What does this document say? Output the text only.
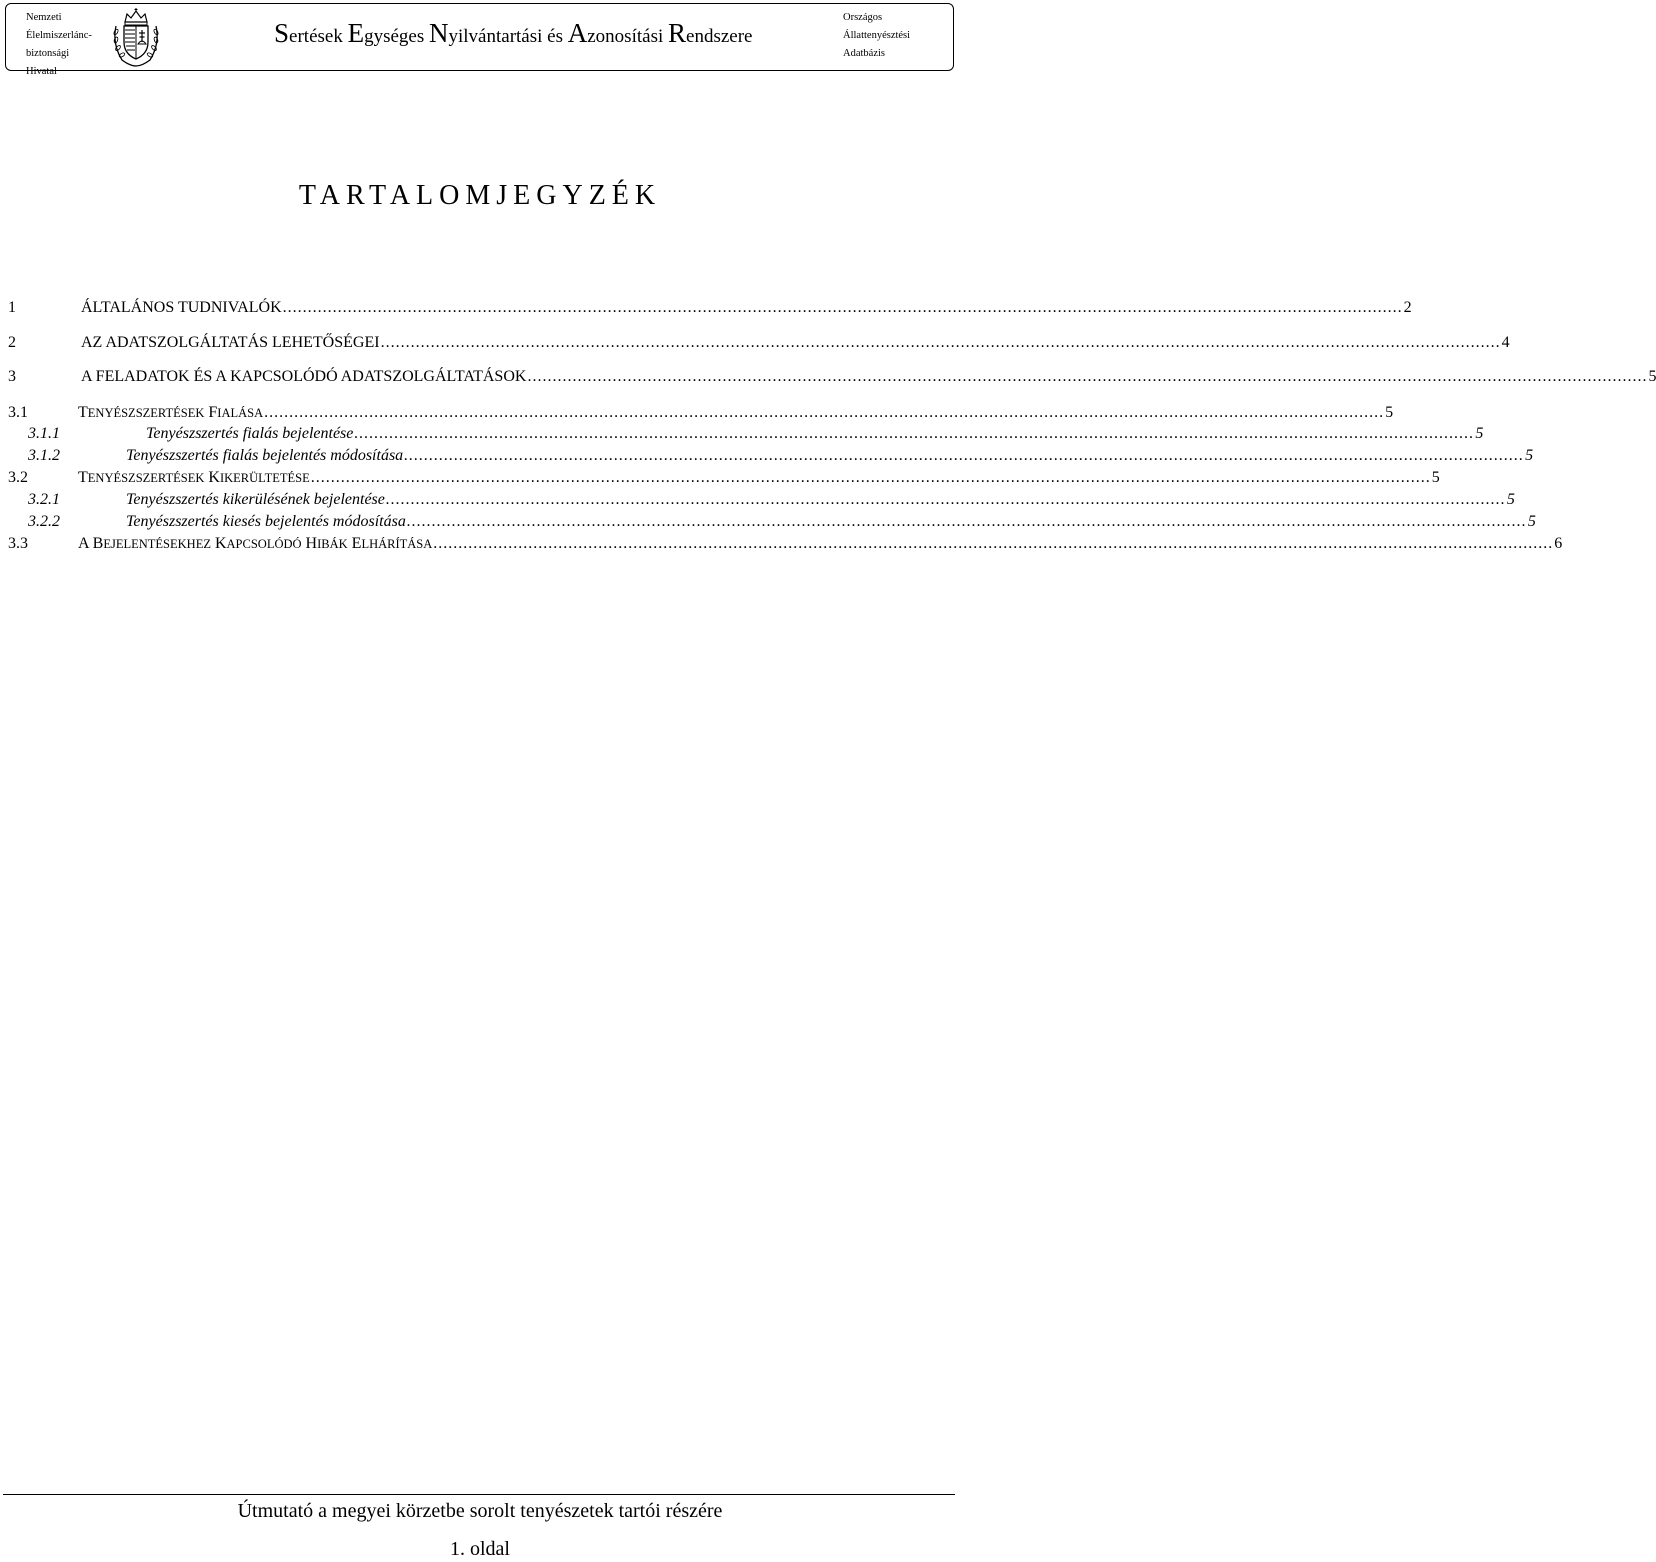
Nemzeti
Élelmiszerlánc-
biztonsági
Hivatal
Sertések Egységes Nyilvántartási és Azonosítási Rendszere
Országos
Állattenyésztési
Adatbázis
TARTALOMJEGYZÉK
1	ÁLTALÁNOS TUDNIVALÓK .....	2
2	AZ ADATSZOLGÁLTATÁS LEHETŐSÉGEI .....	4
3	A FELADATOK ÉS A KAPCSOLÓDÓ ADATSZOLGÁLTATÁSOK .....	5
3.1	TENYÉSZSZERTÉSEK FIALÁSA .....	5
3.1.1	Tenyészszertés fialás bejelentése .....	5
3.1.2	Tenyészszertés fialás bejelentés módosítása .....	5
3.2	TENYÉSZSZERTÉSEK KIKERÜLTETÉSE .....	5
3.2.1	Tenyészszertés kikerülésének bejelentése .....	5
3.2.2	Tenyészszertés kiesés bejelentés módosítása .....	5
3.3	A BEJELENTÉSEKHEZ KAPCSOLÓDÓ HIBÁK ELHÁRÍTÁSA .....	6
Útmutató a megyei körzetbe sorolt tenyészetek tartói részére
1. oldal
